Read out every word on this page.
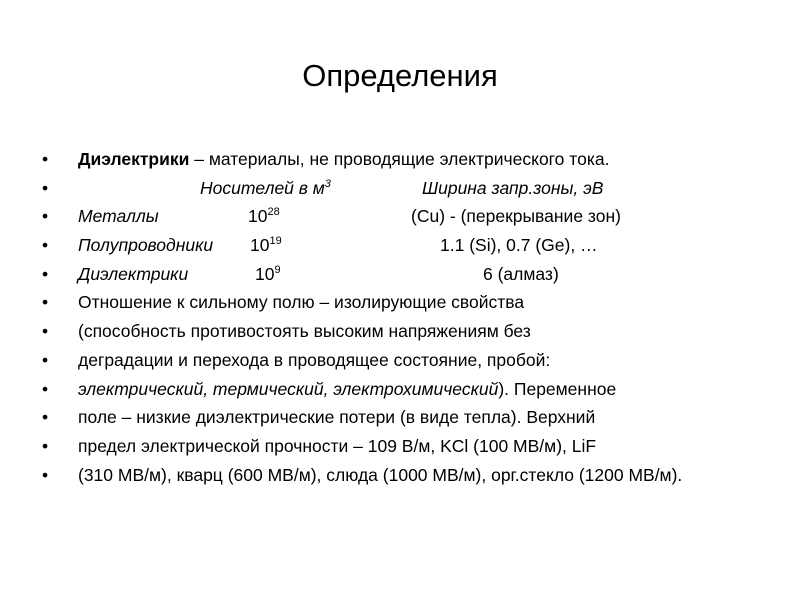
Определения
•	Диэлектрики – материалы, не проводящие электрического тока.
•	Носителей в $м^3$	Ширина запр.зоны, эВ
•	Металлы	$10^{28}$	(Cu) - (перекрывание зон)
•	Полупроводники $10^{19}$	1.1 (Si), 0.7 (Ge), …
•	Диэлектрики	$10^9$	6 (алмаз)
•	Отношение к сильному полю – изолирующие свойства
•	(способность противостоять высоким напряжениям без
•	деградации и перехода в проводящее состояние, пробой:
•	электрический, термический, электрохимический). Переменное
•	поле – низкие диэлектрические потери (в виде тепла). Верхний
•	предел электрической прочности – 109 В/м, KCl (100 МВ/м), LiF
•	(310 МВ/м), кварц (600 МВ/м), слюда (1000 МВ/м), орг.стекло (1200 МВ/м).
